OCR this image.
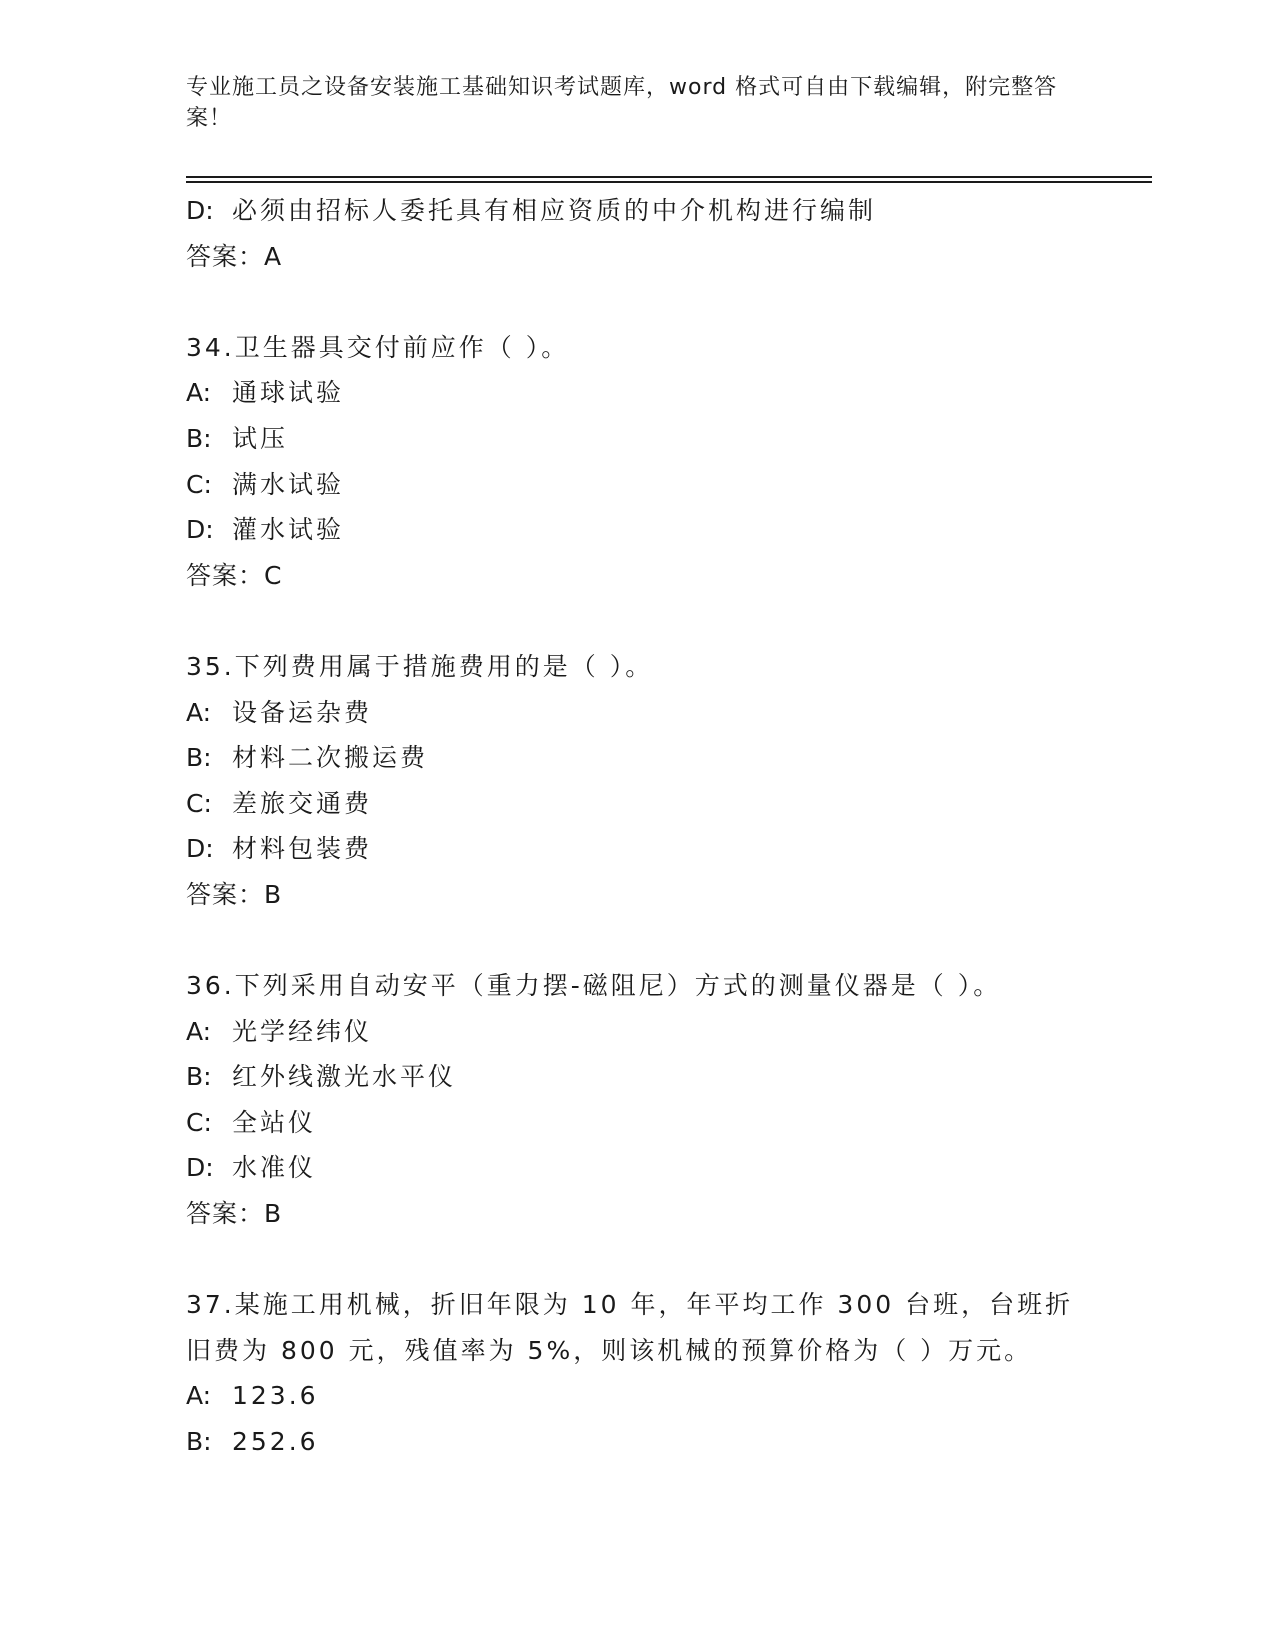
专业施工员之设备安装施工基础知识考试题库，word 格式可自由下载编辑，附完整答案！
D: 必须由招标人委托具有相应资质的中介机构进行编制
答案：A
34.卫生器具交付前应作（ ）。
A: 通球试验
B: 试压
C: 满水试验
D: 灌水试验
答案：C
35.下列费用属于措施费用的是（ ）。
A: 设备运杂费
B: 材料二次搬运费
C: 差旅交通费
D: 材料包装费
答案：B
36.下列采用自动安平（重力摆-磁阻尼）方式的测量仪器是（ ）。
A: 光学经纬仪
B: 红外线激光水平仪
C: 全站仪
D: 水准仪
答案：B
37.某施工用机械，折旧年限为 10 年，年平均工作 300 台班，台班折
旧费为 800 元，残值率为 5%，则该机械的预算价格为（ ）万元。
A: 123.6
B: 252.6
